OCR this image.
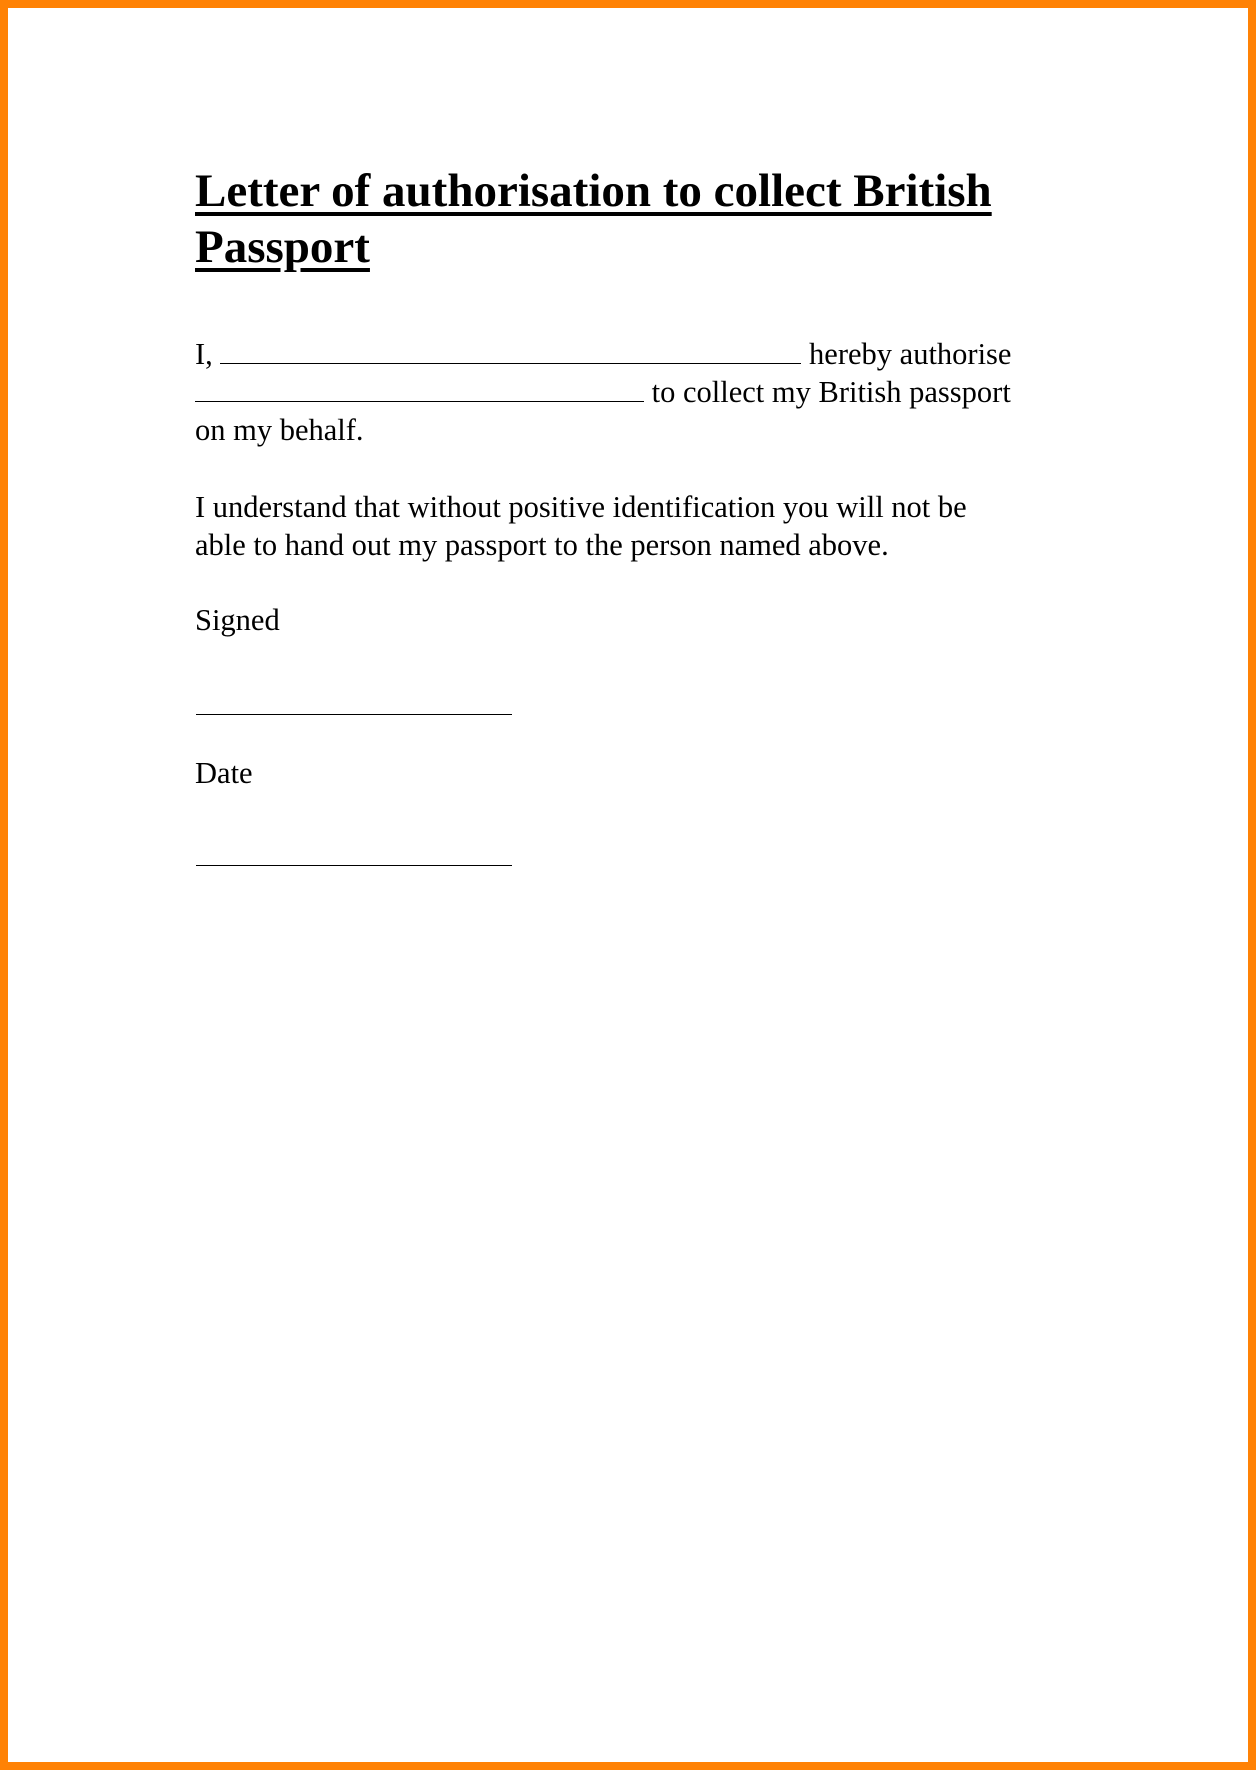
Letter of authorisation to collect British
Passport

I,	hereby authorise
to collect my British passport
on my behalf.

I understand that without positive identification you will not be
able to hand out my passport to the person named above.

Signed

Date
